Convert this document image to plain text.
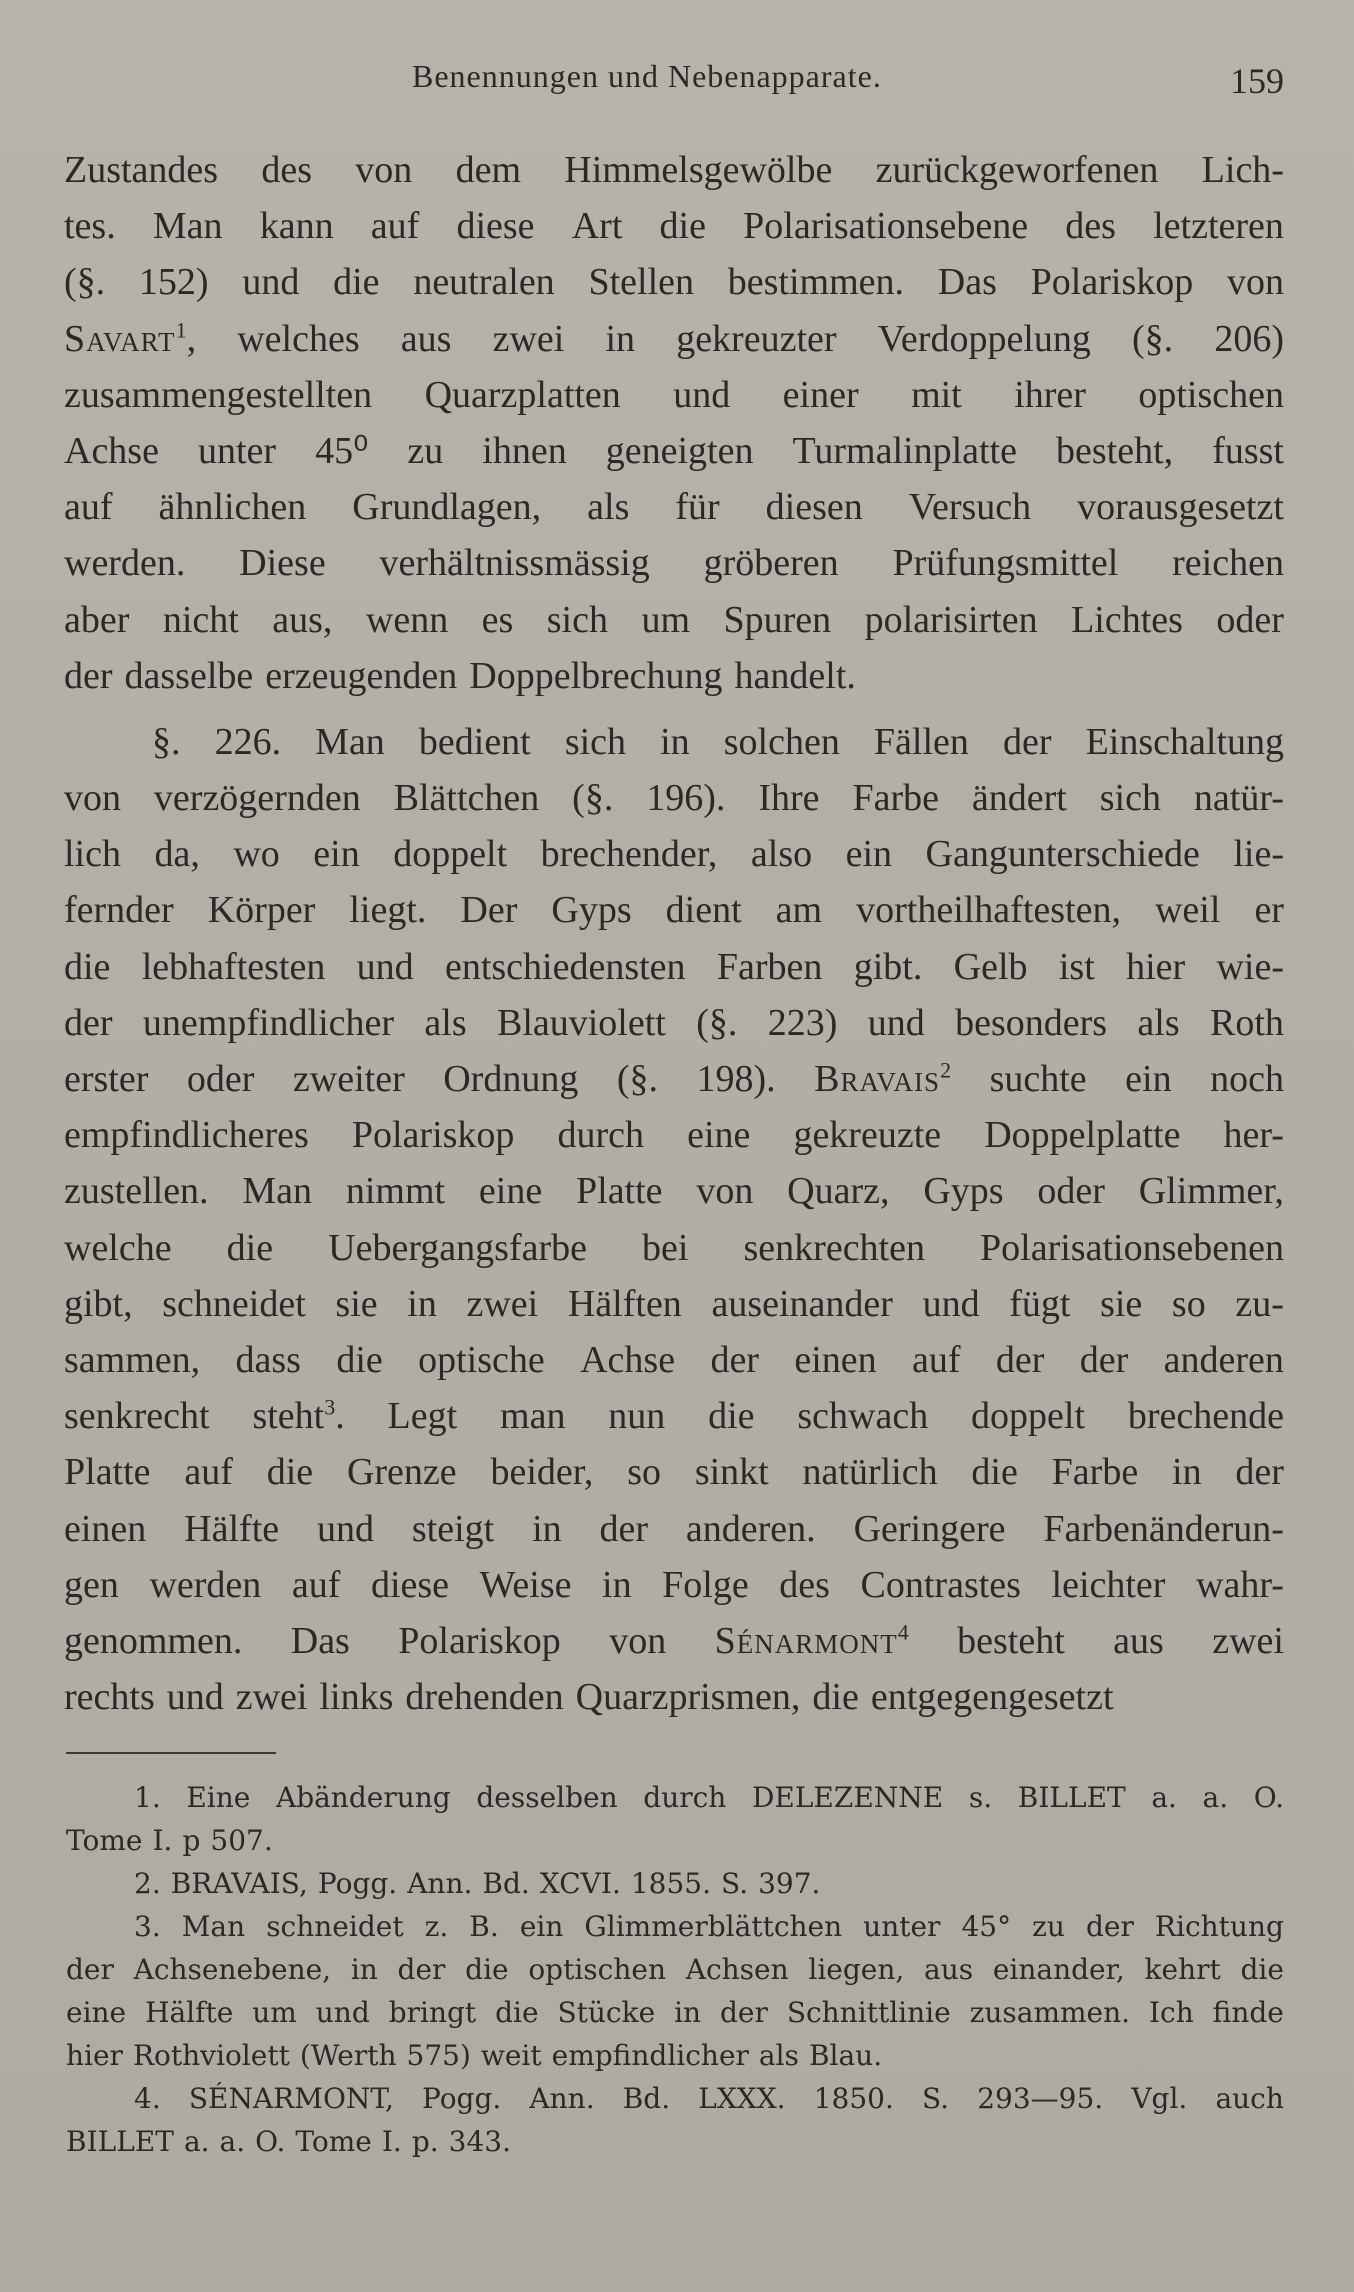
Benennungen und Nebenapparate.	159
Zustandes des von dem Himmelsgewölbe zurückgeworfenen Lich-
tes. Man kann auf diese Art die Polarisationsebene des letzteren
(§. 152) und die neutralen Stellen bestimmen. Das Polariskop von
Savart$^1$, welches aus zwei in gekreuzter Verdoppelung (§. 206)
zusammengestellten Quarzplatten und einer mit ihrer optischen
Achse unter 45⁰ zu ihnen geneigten Turmalinplatte besteht, fusst
auf ähnlichen Grundlagen, als für diesen Versuch vorausgesetzt
werden. Diese verhältnissmässig gröberen Prüfungsmittel reichen
aber nicht aus, wenn es sich um Spuren polarisirten Lichtes oder
der dasselbe erzeugenden Doppelbrechung handelt.
§. 226. Man bedient sich in solchen Fällen der Einschaltung
von verzögernden Blättchen (§. 196). Ihre Farbe ändert sich natür-
lich da, wo ein doppelt brechender, also ein Gangunterschiede lie-
fernder Körper liegt. Der Gyps dient am vortheilhaftesten, weil er
die lebhaftesten und entschiedensten Farben gibt. Gelb ist hier wie-
der unempfindlicher als Blauviolett (§. 223) und besonders als Roth
erster oder zweiter Ordnung (§. 198). Bravais$^2$ suchte ein noch
empfindlicheres Polariskop durch eine gekreuzte Doppelplatte her-
zustellen. Man nimmt eine Platte von Quarz, Gyps oder Glimmer,
welche die Uebergangsfarbe bei senkrechten Polarisationsebenen
gibt, schneidet sie in zwei Hälften auseinander und fügt sie so zu-
sammen, dass die optische Achse der einen auf der der anderen
senkrecht steht$^3$. Legt man nun die schwach doppelt brechende
Platte auf die Grenze beider, so sinkt natürlich die Farbe in der
einen Hälfte und steigt in der anderen. Geringere Farbenänderun-
gen werden auf diese Weise in Folge des Contrastes leichter wahr-
genommen. Das Polariskop von Sénarmont$^4$ besteht aus zwei
rechts und zwei links drehenden Quarzprismen, die entgegengesetzt
1. Eine Abänderung desselben durch DELEZENNE s. BILLET a. a. O.
Tome I. p 507.
2. BRAVAIS, Pogg. Ann. Bd. XCVI. 1855. S. 397.
3. Man schneidet z. B. ein Glimmerblättchen unter 45° zu der Richtung
der Achsenebene, in der die optischen Achsen liegen, aus einander, kehrt die
eine Hälfte um und bringt die Stücke in der Schnittlinie zusammen. Ich finde
hier Rothviolett (Werth 575) weit empfindlicher als Blau.
4. SÉNARMONT, Pogg. Ann. Bd. LXXX. 1850. S. 293—95. Vgl. auch
BILLET a. a. O. Tome I. p. 343.
